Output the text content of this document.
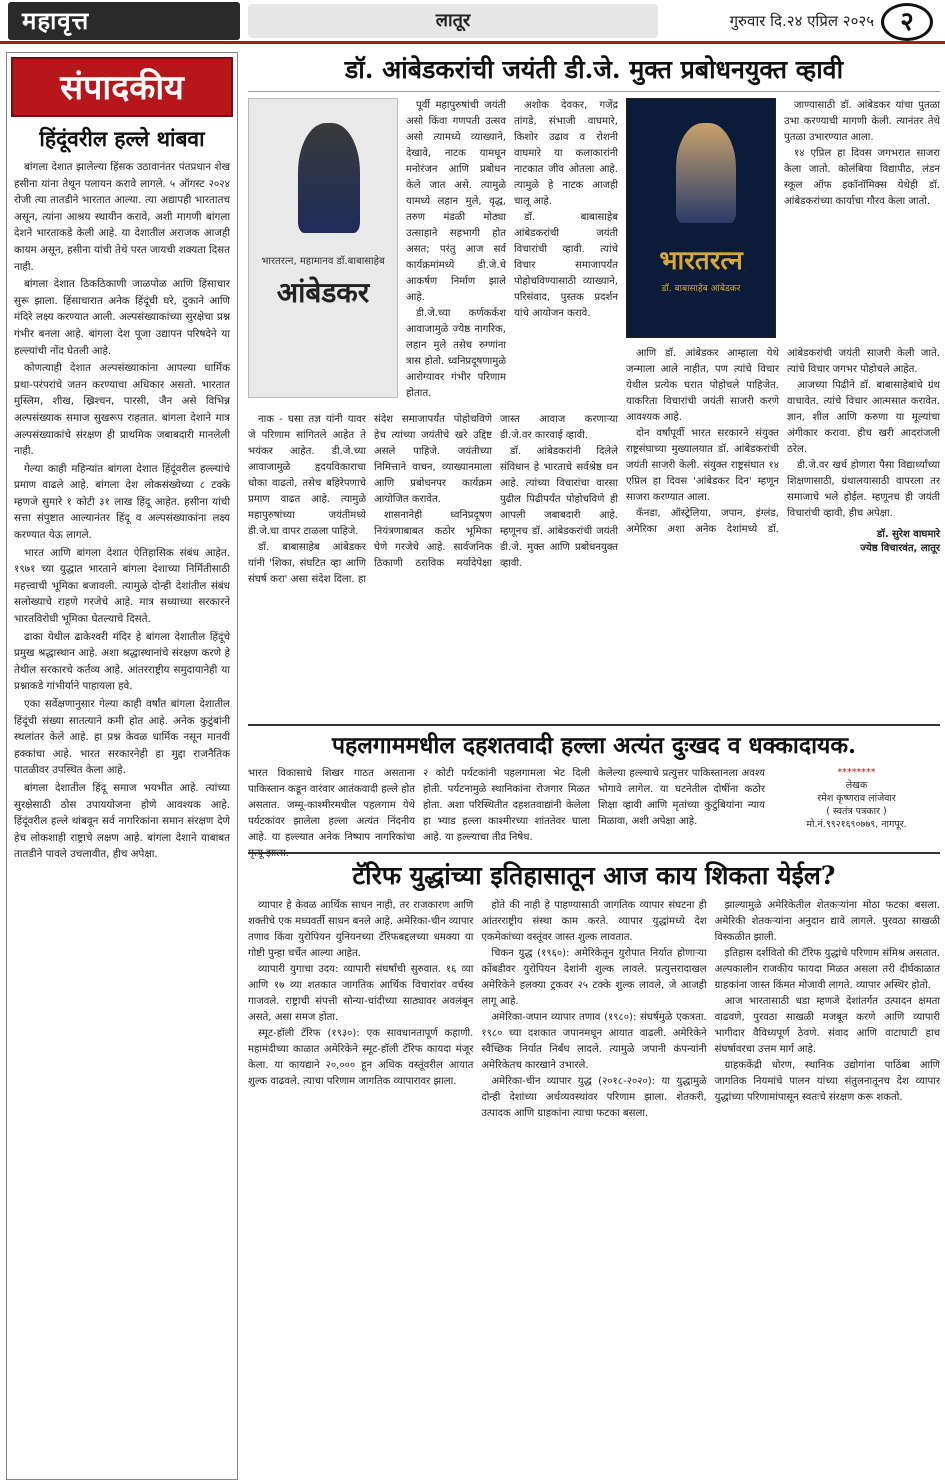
महावृत्त	लातूर	गुरुवार दि.२४ एप्रिल २०२५	२
संपादकीय
हिंदूंवरील हल्ले थांबवा

बांगला देशात झालेल्या हिंसक उठावानंतर पंतप्रधान शेख हसीना यांना तेथून पलायन करावे लागले. ५ ऑगस्ट २०२४ रोजी त्या तातडीने भारतात आल्या. त्या अद्यापही भारतातच असून, त्यांना आश्रय स्थायीन करावे, अशी मागणी बांगला देशने भारताकडे केली आहे. या देशातील अराजक आजही कायम असून, हसीना यांची तेथे परत जायची शक्यता दिसत नाही.

बांगला देशात ठिकठिकाणी जाळपोळ आणि हिंसाचार सुरू झाला. हिंसाचारात अनेक हिंदूंची घरे, दुकाने आणि मंदिरे लक्ष्य करण्यात आली. अल्पसंख्याकांच्या सुरक्षेचा प्रश्न गंभीर बनला आहे. बांगला देश पूजा उद्यापन परिषदेने या हल्ल्यांची नोंद घेतली आहे.

कोणत्याही देशात अल्पसंख्याकांना आपल्या धार्मिक प्रथा-परंपरांचे जतन करण्याचा अधिकार असतो. भारतात मुस्लिम, शीख, ख्रिश्चन, पारसी, जैन असे विभिन्न अल्पसंख्याक समाज सुखरूप राहतात. बांगला देशाने मात्र अल्पसंख्याकांचे संरक्षण ही प्राथमिक जबाबदारी मानलेली नाही.

गेल्या काही महिन्यांत बांगला देशात हिंदूंवरील हल्ल्यांचे प्रमाण वाढले आहे. बांगला देश लोकसंख्येच्या ८ टक्के म्हणजे सुमारे १ कोटी ३१ लाख हिंदू आहेत. हसीना यांची सत्ता संपुष्टात आल्यानंतर हिंदू व अल्पसंख्याकांना लक्ष्य करण्यात येऊ लागले.

भारत आणि बांगला देशात ऐतिहासिक संबंध आहेत. १९७१ च्या युद्धात भारताने बांगला देशाच्या निर्मितीसाठी महत्त्वाची भूमिका बजावली. त्यामुळे दोन्ही देशांतील संबंध सलोख्याचे राहणे गरजेचे आहे. मात्र सध्याच्या सरकारने भारतविरोधी भूमिका घेतल्याचे दिसते.

ढाका येथील ढाकेश्वरी मंदिर हे बांगला देशातील हिंदूंचे प्रमुख श्रद्धास्थान आहे. अशा श्रद्धास्थानांचे संरक्षण करणे हे तेथील सरकारचे कर्तव्य आहे. आंतरराष्ट्रीय समुदायानेही या प्रश्नाकडे गांभीर्याने पाहायला हवे.

एका सर्वेक्षणानुसार गेल्या काही वर्षांत बांगला देशातील हिंदूंची संख्या सातत्याने कमी होत आहे. अनेक कुटुंबांनी स्थलांतर केले आहे. हा प्रश्न केवळ धार्मिक नसून मानवी हक्कांचा आहे. भारत सरकारनेही हा मुद्दा राजनैतिक पातळीवर उपस्थित केला आहे.

बांगला देशातील हिंदू समाज भयभीत आहे. त्यांच्या सुरक्षेसाठी ठोस उपाययोजना होणे आवश्यक आहे. हिंदूंवरील हल्ले थांबवून सर्व नागरिकांना समान संरक्षण देणे हेच लोकशाही राष्ट्राचे लक्षण आहे. बांगला देशाने याबाबत तातडीने पावले उचलावीत, हीच अपेक्षा.

डॉ. आंबेडकरांची जयंती डी.जे. मुक्त प्रबोधनयुक्त व्हावी
भारतरत्न, महामानव डॉ.बाबासाहेब
आंबेडकर

पूर्वी महापुरुषांची जयंती असो किंवा गणपती उत्सव असो त्यामध्ये व्याख्याने, देखावे, नाटक यामधून मनोरंजन आणि प्रबोधन केले जात असे. त्यामुळे यामध्ये लहान मुले, वृद्ध, तरुण मंडळी मोठ्या उत्साहाने सहभागी होत असत; परंतु आज सर्व कार्यक्रमांमध्ये डी.जे.चे आकर्षण निर्माण झाले आहे.

डी.जे.च्या कर्णकर्कश आवाजामुळे ज्येष्ठ नागरिक, लहान मुले तसेच रुग्णांना त्रास होतो. ध्वनिप्रदूषणामुळे आरोग्यावर गंभीर परिणाम होतात.

अशोक देवकर, गजेंद्र तांगडे, संभाजी वाघमारे, किशोर उढाव व रोशनी वाघमारे या कलाकारांनी नाटकात जीव ओतला आहे. त्यामुळे हे नाटक आजही चालू आहे.

डॉ. बाबासाहेब आंबेडकरांची जयंती विचारांची व्हावी. त्यांचे विचार समाजापर्यंत पोहोचविण्यासाठी व्याख्याने, परिसंवाद, पुस्तक प्रदर्शन यांचे आयोजन करावे.

भारतरत्न
डॉ. बाबासाहेब आंबेडकर

जाण्यासाठी डॉ. आंबेडकर यांचा पुतळा उभा करण्याची मागणी केली. त्यानंतर तेथे पुतळा उभारण्यात आला.

१४ एप्रिल हा दिवस जगभरात साजरा केला जातो. कोलंबिया विद्यापीठ, लंडन स्कूल ऑफ इकॉनॉमिक्स येथेही डॉ. आंबेडकरांच्या कार्याचा गौरव केला जातो.

नाक - घसा तज्ञ यांनी यावर जे परिणाम सांगितले आहेत ते भयंकर आहेत. डी.जे.च्या आवाजामुळे हृदयविकाराचा धोका वाढतो, तसेच बहिरेपणाचे प्रमाण वाढत आहे. त्यामुळे महापुरुषांच्या जयंतीमध्ये डी.जे.चा वापर टाळला पाहिजे.

डॉ. बाबासाहेब आंबेडकर यांनी 'शिका, संघटित व्हा आणि संघर्ष करा' असा संदेश दिला. हा संदेश समाजापर्यंत पोहोचविणे हेच त्यांच्या जयंतीचे खरे उद्दिष्ट असले पाहिजे. जयंतीच्या निमित्ताने वाचन, व्याख्यानमाला आणि प्रबोधनपर कार्यक्रम आयोजित करावेत.

शासनानेही ध्वनिप्रदूषण नियंत्रणाबाबत कठोर भूमिका घेणे गरजेचे आहे. सार्वजनिक ठिकाणी ठराविक मर्यादेपेक्षा जास्त आवाज करणाऱ्या डी.जे.वर कारवाई व्हावी.

डॉ. आंबेडकरांनी दिलेले संविधान हे भारताचे सर्वश्रेष्ठ धन आहे. त्यांच्या विचारांचा वारसा पुढील पिढीपर्यंत पोहोचविणे ही आपली जबाबदारी आहे. म्हणूनच डॉ. आंबेडकरांची जयंती डी.जे. मुक्त आणि प्रबोधनयुक्त व्हावी.

आणि डॉ. आंबेडकर आम्हाला येथे जन्माला आले नाहीत, पण त्यांचे विचार येथील प्रत्येक घरात पोहोचले पाहिजेत. याकरिता विचारांची जयंती साजरी करणे आवश्यक आहे.

दोन वर्षांपूर्वी भारत सरकारने संयुक्त राष्ट्रसंघाच्या मुख्यालयात डॉ. आंबेडकरांची जयंती साजरी केली. संयुक्त राष्ट्रसंघात १४ एप्रिल हा दिवस 'आंबेडकर दिन' म्हणून साजरा करण्यात आला.

कॅनडा, ऑस्ट्रेलिया, जपान, इंग्लंड, अमेरिका अशा अनेक देशांमध्ये डॉ. आंबेडकरांची जयंती साजरी केली जाते. त्यांचे विचार जगभर पोहोचले आहेत.

आजच्या पिढीने डॉ. बाबासाहेबांचे ग्रंथ वाचावेत. त्यांचे विचार आत्मसात करावेत. ज्ञान, शील आणि करुणा या मूल्यांचा अंगीकार करावा. हीच खरी आदरांजली ठरेल.

डी.जे.वर खर्च होणारा पैसा विद्यार्थ्यांच्या शिक्षणासाठी, ग्रंथालयासाठी वापरला तर समाजाचे भले होईल. म्हणूनच ही जयंती विचारांची व्हावी, हीच अपेक्षा.

डॉ. सुरेश वाघमारे
ज्येष्ठ विचारवंत, लातूर
पहलगाममधील दहशतवादी हल्ला अत्यंत दुःखद व धक्कादायक.
भारत विकासाचे शिखर गाठत असताना पाकिस्तान कडून वारंवार आतंकवादी हल्ले होत असतात. जम्मू-काश्मीरमधील पहलगाम येथे पर्यटकांवर झालेला हल्ला अत्यंत निंदनीय आहे. या हल्ल्यात अनेक निष्पाप नागरिकांचा मृत्यू झाला.
२ कोटी पर्यटकांनी पहलगामला भेट दिली होती. पर्यटनामुळे स्थानिकांना रोजगार मिळत होता. अशा परिस्थितीत दहशतवाद्यांनी केलेला हा भ्याड हल्ला काश्मीरच्या शांततेवर घाला आहे. या हल्ल्याचा तीव्र निषेध.
केलेल्या हल्ल्याचे प्रत्युत्तर पाकिस्तानला अवश्य भोगावे लागेल. या घटनेतील दोषींना कठोर शिक्षा व्हावी आणि मृतांच्या कुटुंबियांना न्याय मिळावा, अशी अपेक्षा आहे.
********
लेखक
रमेश कृष्णराव लांजेवार
( स्वतंत्र पत्रकार )
मो.नं.९९२१६९०७७९, नागपूर.
टॅरिफ युद्धांच्या इतिहासातून आज काय शिकता येईल?

व्यापार हे केवळ आर्थिक साधन नाही, तर राजकारण आणि शक्तीचे एक मध्यवर्ती साधन बनले आहे. अमेरिका-चीन व्यापार तणाव किंवा युरोपियन युनियनच्या टॅरिफबद्दलच्या धमक्या या गोष्टी पुन्हा चर्चेत आल्या आहेत.

व्यापारी युगाचा उदय: व्यापारी संघर्षांची सुरुवात. १६ व्या आणि १७ व्या शतकात जागतिक आर्थिक विचारांवर वर्चस्व गाजवले. राष्ट्राची संपत्ती सोन्या-चांदीच्या साठ्यावर अवलंबून असते, असा समज होता.

स्मूट-हॉली टॅरिफ (१९३०): एक सावधानतापूर्ण कहाणी. महामंदीच्या काळात अमेरिकेने स्मूट-हॉली टॅरिफ कायदा मंजूर केला. या कायद्याने २०,००० हून अधिक वस्तूंवरील आयात शुल्क वाढवले. त्याचा परिणाम जागतिक व्यापारावर झाला.

होते की नाही हे पाहण्यासाठी जागतिक व्यापार संघटना ही आंतरराष्ट्रीय संस्था काम करते. व्यापार युद्धांमध्ये देश एकमेकांच्या वस्तूंवर जास्त शुल्क लावतात.

चिकन युद्ध (१९६०): अमेरिकेतून युरोपात निर्यात होणाऱ्या कोंबडीवर युरोपियन देशांनी शुल्क लावले. प्रत्युत्तरादाखल अमेरिकेने हलक्या ट्रकवर २५ टक्के शुल्क लावले, जे आजही लागू आहे.

अमेरिका-जपान व्यापार तणाव (१९८०): संघर्षमुळे एकत्रता. १९८० च्या दशकात जपानमधून आयात वाढली. अमेरिकेने स्वैच्छिक निर्यात निर्बंध लादले. त्यामुळे जपानी कंपन्यांनी अमेरिकेतच कारखाने उभारले.

अमेरिका-चीन व्यापार युद्ध (२०१८-२०२०): या युद्धामुळे दोन्ही देशांच्या अर्थव्यवस्थांवर परिणाम झाला. शेतकरी, उत्पादक आणि ग्राहकांना त्याचा फटका बसला.

झाल्यामुळे अमेरिकेतील शेतकऱ्यांना मोठा फटका बसला. अमेरिकी शेतकऱ्यांना अनुदान द्यावे लागले. पुरवठा साखळी विस्कळीत झाली.

इतिहास दर्शवितो की टॅरिफ युद्धांचे परिणाम संमिश्र असतात. अल्पकालीन राजकीय फायदा मिळत असला तरी दीर्घकाळात ग्राहकांना जास्त किंमत मोजावी लागते. व्यापार अस्थिर होतो.

आज भारतासाठी धडा म्हणजे देशांतर्गत उत्पादन क्षमता वाढवणे, पुरवठा साखळी मजबूत करणे आणि व्यापारी भागीदार वैविध्यपूर्ण ठेवणे. संवाद आणि वाटाघाटी हाच संघर्षावरचा उत्तम मार्ग आहे.

ग्राहककेंद्री धोरण, स्थानिक उद्योगांना पाठिंबा आणि जागतिक नियमांचे पालन यांच्या संतुलनातूनच देश व्यापार युद्धांच्या परिणामांपासून स्वतःचे संरक्षण करू शकतो.
